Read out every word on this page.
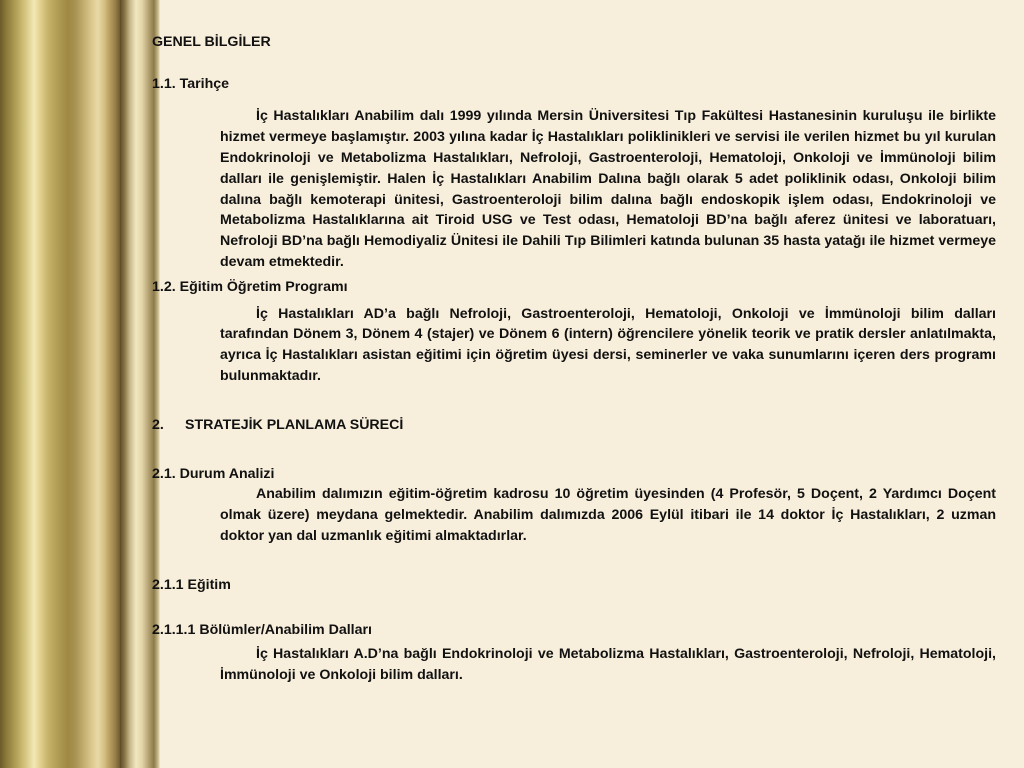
GENEL BİLGİLER

1.1. Tarihçe

İç Hastalıkları Anabilim dalı 1999 yılında Mersin Üniversitesi Tıp Fakültesi Hastanesinin kuruluşu ile birlikte hizmet vermeye başlamıştır. 2003 yılına kadar İç Hastalıkları poliklinikleri ve servisi ile verilen hizmet bu yıl kurulan Endokrinoloji ve Metabolizma Hastalıkları, Nefroloji, Gastroenteroloji, Hematoloji, Onkoloji ve İmmünoloji bilim dalları ile genişlemiştir. Halen İç Hastalıkları Anabilim Dalına bağlı olarak 5 adet poliklinik odası, Onkoloji bilim dalına bağlı kemoterapi ünitesi, Gastroenteroloji bilim dalına bağlı endoskopik işlem odası, Endokrinoloji ve Metabolizma Hastalıklarına ait Tiroid USG ve Test odası, Hematoloji BD’na bağlı aferez ünitesi ve laboratuarı, Nefroloji BD’na bağlı Hemodiyaliz Ünitesi ile Dahili Tıp Bilimleri katında bulunan 35 hasta yatağı ile hizmet vermeye devam etmektedir.

1.2. Eğitim Öğretim Programı

İç Hastalıkları AD’a bağlı Nefroloji, Gastroenteroloji, Hematoloji, Onkoloji ve İmmünoloji bilim dalları tarafından Dönem 3, Dönem 4 (stajer) ve Dönem 6 (intern) öğrencilere yönelik teorik ve pratik dersler anlatılmakta, ayrıca İç Hastalıkları asistan eğitimi için öğretim üyesi dersi, seminerler ve vaka sunumlarını içeren ders programı bulunmaktadır.

2.	STRATEJİK PLANLAMA SÜRECİ

2.1. Durum Analizi

Anabilim dalımızın eğitim-öğretim kadrosu 10 öğretim üyesinden (4 Profesör, 5 Doçent, 2 Yardımcı Doçent olmak üzere) meydana gelmektedir. Anabilim dalımızda 2006 Eylül itibari ile 14 doktor İç Hastalıkları, 2 uzman doktor yan dal uzmanlık eğitimi almaktadırlar.

2.1.1 Eğitim

2.1.1.1 Bölümler/Anabilim Dalları

İç Hastalıkları A.D’na bağlı Endokrinoloji ve Metabolizma Hastalıkları, Gastroenteroloji, Nefroloji, Hematoloji, İmmünoloji ve Onkoloji bilim dalları.
